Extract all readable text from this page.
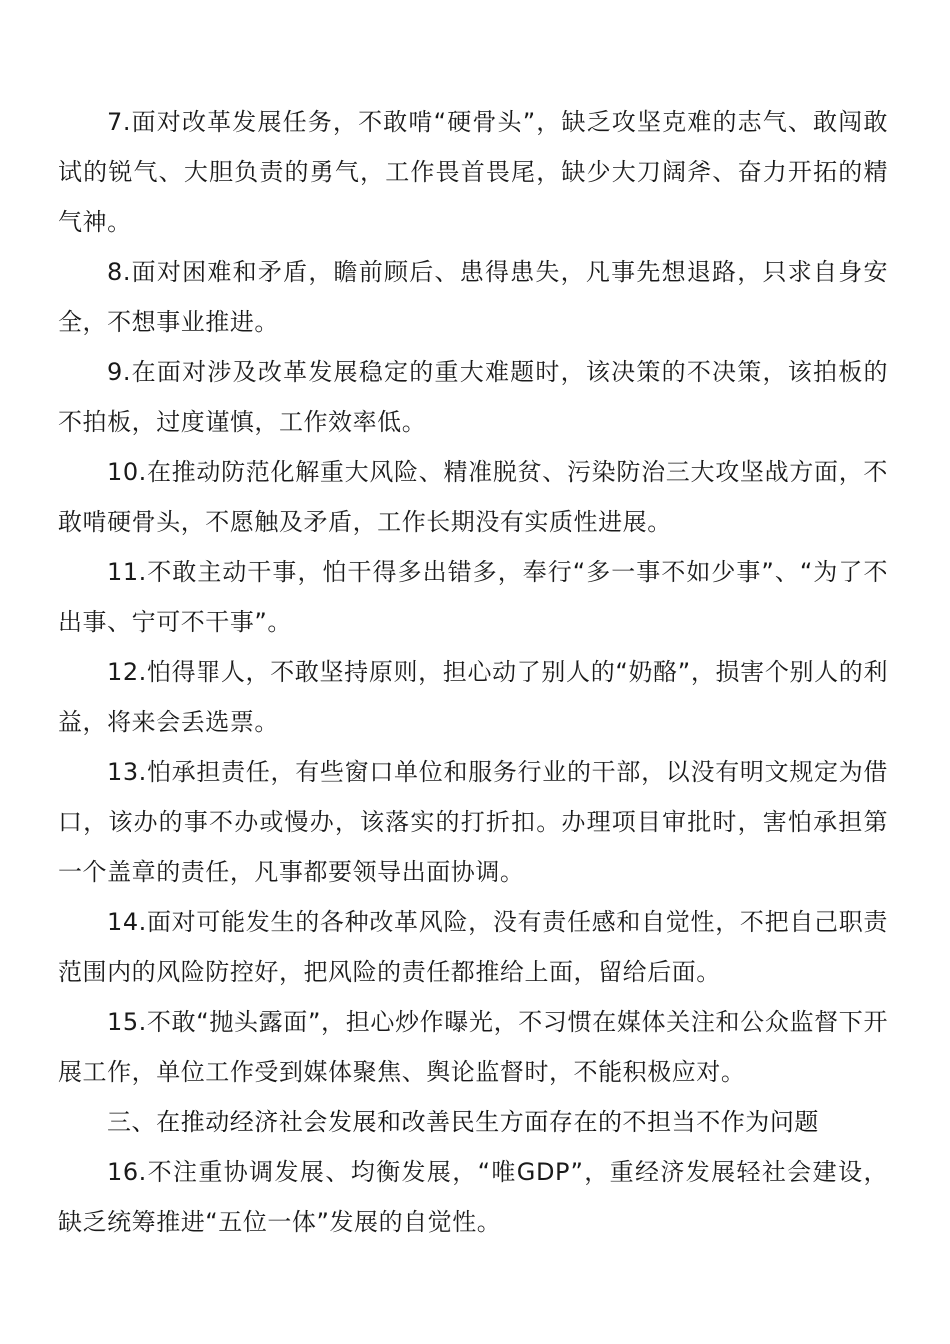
7.面对改革发展任务，不敢啃“硬骨头”，缺乏攻坚克难的志气、敢闯敢试的锐气、大胆负责的勇气，工作畏首畏尾，缺少大刀阔斧、奋力开拓的精气神。

8.面对困难和矛盾，瞻前顾后、患得患失，凡事先想退路，只求自身安全，不想事业推进。

9.在面对涉及改革发展稳定的重大难题时，该决策的不决策，该拍板的不拍板，过度谨慎，工作效率低。

10.在推动防范化解重大风险、精准脱贫、污染防治三大攻坚战方面，不敢啃硬骨头，不愿触及矛盾，工作长期没有实质性进展。

11.不敢主动干事，怕干得多出错多，奉行“多一事不如少事”、“为了不出事、宁可不干事”。

12.怕得罪人，不敢坚持原则，担心动了别人的“奶酪”，损害个别人的利益，将来会丢选票。

13.怕承担责任，有些窗口单位和服务行业的干部，以没有明文规定为借口，该办的事不办或慢办，该落实的打折扣。办理项目审批时，害怕承担第一个盖章的责任，凡事都要领导出面协调。

14.面对可能发生的各种改革风险，没有责任感和自觉性，不把自己职责范围内的风险防控好，把风险的责任都推给上面，留给后面。

15.不敢“抛头露面”，担心炒作曝光，不习惯在媒体关注和公众监督下开展工作，单位工作受到媒体聚焦、舆论监督时，不能积极应对。

三、在推动经济社会发展和改善民生方面存在的不担当不作为问题

16.不注重协调发展、均衡发展，“唯GDP”，重经济发展轻社会建设，缺乏统筹推进“五位一体”发展的自觉性。
